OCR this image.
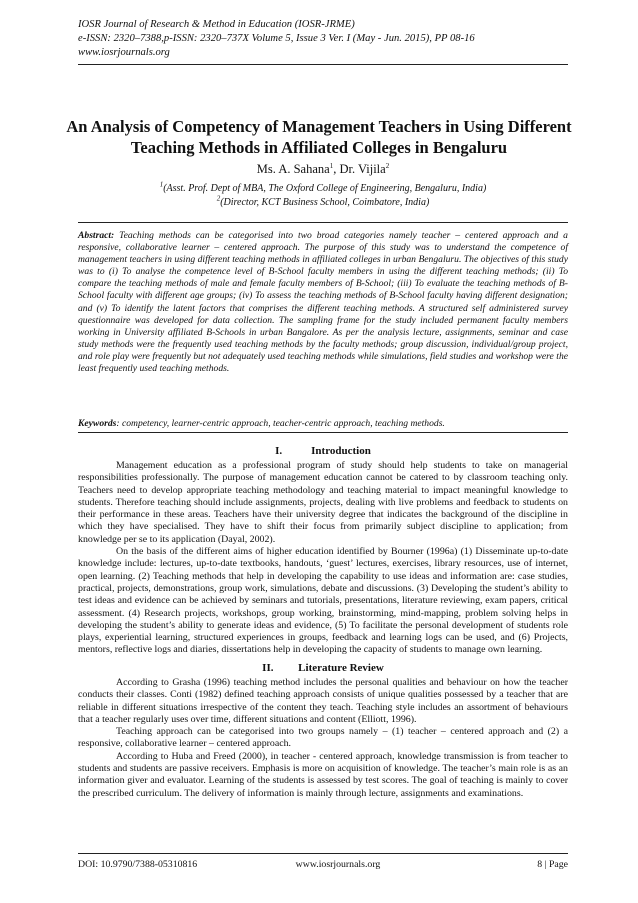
IOSR Journal of Research & Method in Education (IOSR-JRME)
e-ISSN: 2320–7388,p-ISSN: 2320–737X Volume 5, Issue 3 Ver. I (May - Jun. 2015), PP 08-16
www.iosrjournals.org
An Analysis of Competency of Management Teachers in Using Different Teaching Methods in Affiliated Colleges in Bengaluru
Ms. A. Sahana$^1$, Dr. Vijila$^2$
$^1$(Asst. Prof. Dept of MBA, The Oxford College of Engineering, Bengaluru, India)
$^2$(Director, KCT Business School, Coimbatore, India)
Abstract: Teaching methods can be categorised into two broad categories namely teacher – centered approach and a responsive, collaborative learner – centered approach. The purpose of this study was to understand the competence of management teachers in using different teaching methods in affiliated colleges in urban Bengaluru. The objectives of this study was to (i) To analyse the competence level of B-School faculty members in using the different teaching methods; (ii) To compare the teaching methods of male and female faculty members of B-School; (iii) To evaluate the teaching methods of B-School faculty with different age groups; (iv) To assess the teaching methods of B-School faculty having different designation; and (v) To identify the latent factors that comprises the different teaching methods. A structured self administered survey questionnaire was developed for data collection. The sampling frame for the study included permanent faculty members working in University affiliated B-Schools in urban Bangalore. As per the analysis lecture, assignments, seminar and case study methods were the frequently used teaching methods by the faculty methods; group discussion, individual/group project, and role play were frequently but not adequately used teaching methods while simulations, field studies and workshop were the least frequently used teaching methods.
Keywords: competency, learner-centric approach, teacher-centric approach, teaching methods.
I.	Introduction

Management education as a professional program of study should help students to take on managerial responsibilities professionally. The purpose of management education cannot be catered to by classroom teaching only. Teachers need to develop appropriate teaching methodology and teaching material to impact meaningful knowledge to students. Therefore teaching should include assignments, projects, dealing with live problems and feedback to students on their performance in these areas. Teachers have their university degree that indicates the background of the discipline in which they have specialised. They have to shift their focus from primarily subject discipline to application; from knowledge per se to its application (Dayal, 2002).

On the basis of the different aims of higher education identified by Bourner (1996a) (1) Disseminate up-to-date knowledge include: lectures, up-to-date textbooks, handouts, ‘guest’ lectures, exercises, library resources, use of internet, open learning. (2) Teaching methods that help in developing the capability to use ideas and information are: case studies, practical, projects, demonstrations, group work, simulations, debate and discussions. (3) Developing the student’s ability to test ideas and evidence can be achieved by seminars and tutorials, presentations, literature reviewing, exam papers, critical assessment. (4) Research projects, workshops, group working, brainstorming, mind-mapping, problem solving helps in developing the student’s ability to generate ideas and evidence, (5) To facilitate the personal development of students role plays, experiential learning, structured experiences in groups, feedback and learning logs can be used, and (6) Projects, mentors, reflective logs and diaries, dissertations help in developing the capacity of students to manage own learning.

II. Literature Review

According to Grasha (1996) teaching method includes the personal qualities and behaviour on how the teacher conducts their classes. Conti (1982) defined teaching approach consists of unique qualities possessed by a teacher that are reliable in different situations irrespective of the content they teach. Teaching style includes an assortment of behaviours that a teacher regularly uses over time, different situations and content (Elliott, 1996).

Teaching approach can be categorised into two groups namely – (1) teacher – centered approach and (2) a responsive, collaborative learner – centered approach.

According to Huba and Freed (2000), in teacher - centered approach, knowledge transmission is from teacher to students and students are passive receivers. Emphasis is more on acquisition of knowledge. The teacher’s main role is as an information giver and evaluator. Learning of the students is assessed by test scores. The goal of teaching is mainly to cover the prescribed curriculum. The delivery of information is mainly through lecture, assignments and examinations.

DOI: 10.9790/7388-05310816	www.iosrjournals.org	8 | Page
